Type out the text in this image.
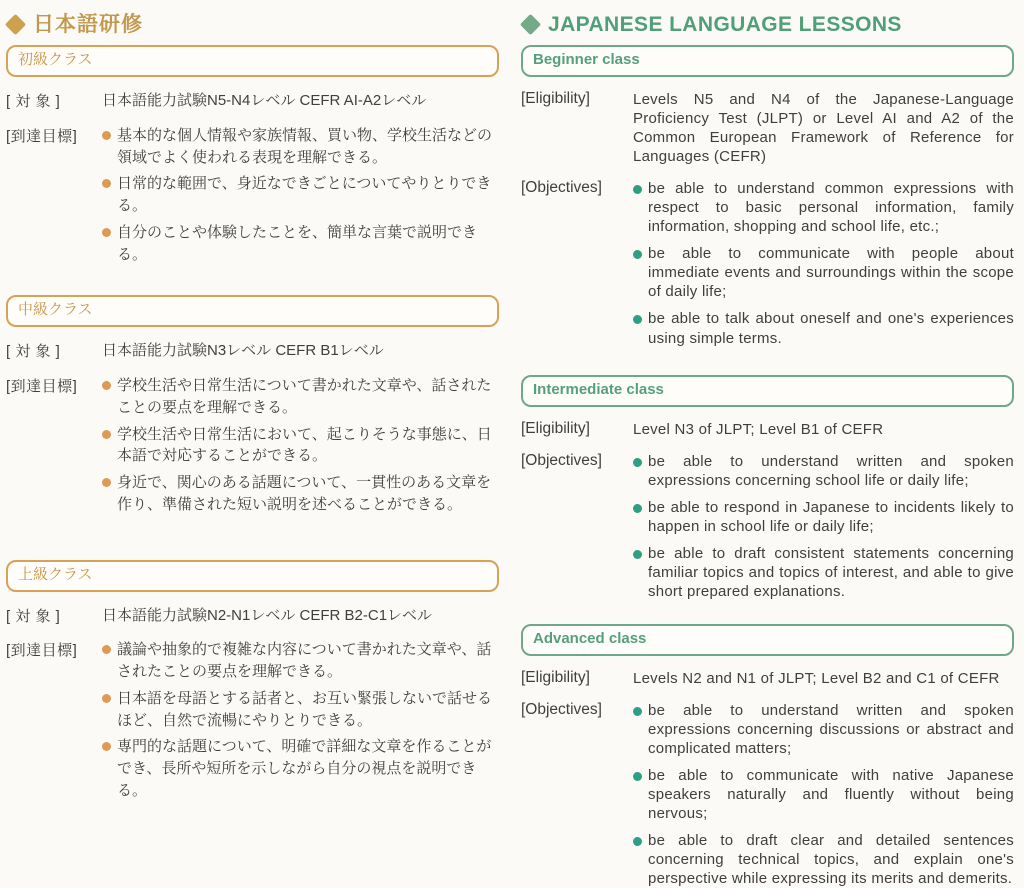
日本語研修
初級クラス
[ 対 象 ]	日本語能力試験N5-N4レベル CEFR AI-A2レベル
[到達目標]	基本的な個人情報や家族情報、買い物、学校生活などの領域でよく使われる表現を理解できる。
日常的な範囲で、身近なできごとについてやりとりできる。
自分のことや体験したことを、簡単な言葉で説明できる。
中級クラス
[ 対 象 ]	日本語能力試験N3レベル CEFR B1レベル
[到達目標]	学校生活や日常生活について書かれた文章や、話されたことの要点を理解できる。
学校生活や日常生活において、起こりそうな事態に、日本語で対応することができる。
身近で、関心のある話題について、一貫性のある文章を作り、準備された短い説明を述べることができる。
上級クラス
[ 対 象 ]	日本語能力試験N2-N1レベル CEFR B2-C1レベル
[到達目標]	議論や抽象的で複雑な内容について書かれた文章や、話されたことの要点を理解できる。
日本語を母語とする話者と、お互い緊張しないで話せるほど、自然で流暢にやりとりできる。
専門的な話題について、明確で詳細な文章を作ることができ、長所や短所を示しながら自分の視点を説明できる。
JAPANESE LANGUAGE LESSONS
Beginner class
[Eligibility]	Levels N5 and N4 of the Japanese-Language Proficiency Test (JLPT) or Level AI and A2 of the Common European Framework of Reference for Languages (CEFR)
[Objectives]	be able to understand common expressions with respect to basic personal information, family information, shopping and school life, etc.;
be able to communicate with people about immediate events and surroundings within the scope of daily life;
be able to talk about oneself and one's experiences using simple terms.
Intermediate class
[Eligibility]	Level N3 of JLPT; Level B1 of CEFR
[Objectives]	be able to understand written and spoken expressions concerning school life or daily life;
be able to respond in Japanese to incidents likely to happen in school life or daily life;
be able to draft consistent statements concerning familiar topics and topics of interest, and able to give short prepared explanations.
Advanced class
[Eligibility]	Levels N2 and N1 of JLPT; Level B2 and C1 of CEFR
[Objectives]	be able to understand written and spoken expressions concerning discussions or abstract and complicated matters;
be able to communicate with native Japanese speakers naturally and fluently without being nervous;
be able to draft clear and detailed sentences concerning technical topics, and explain one's perspective while expressing its merits and demerits.
